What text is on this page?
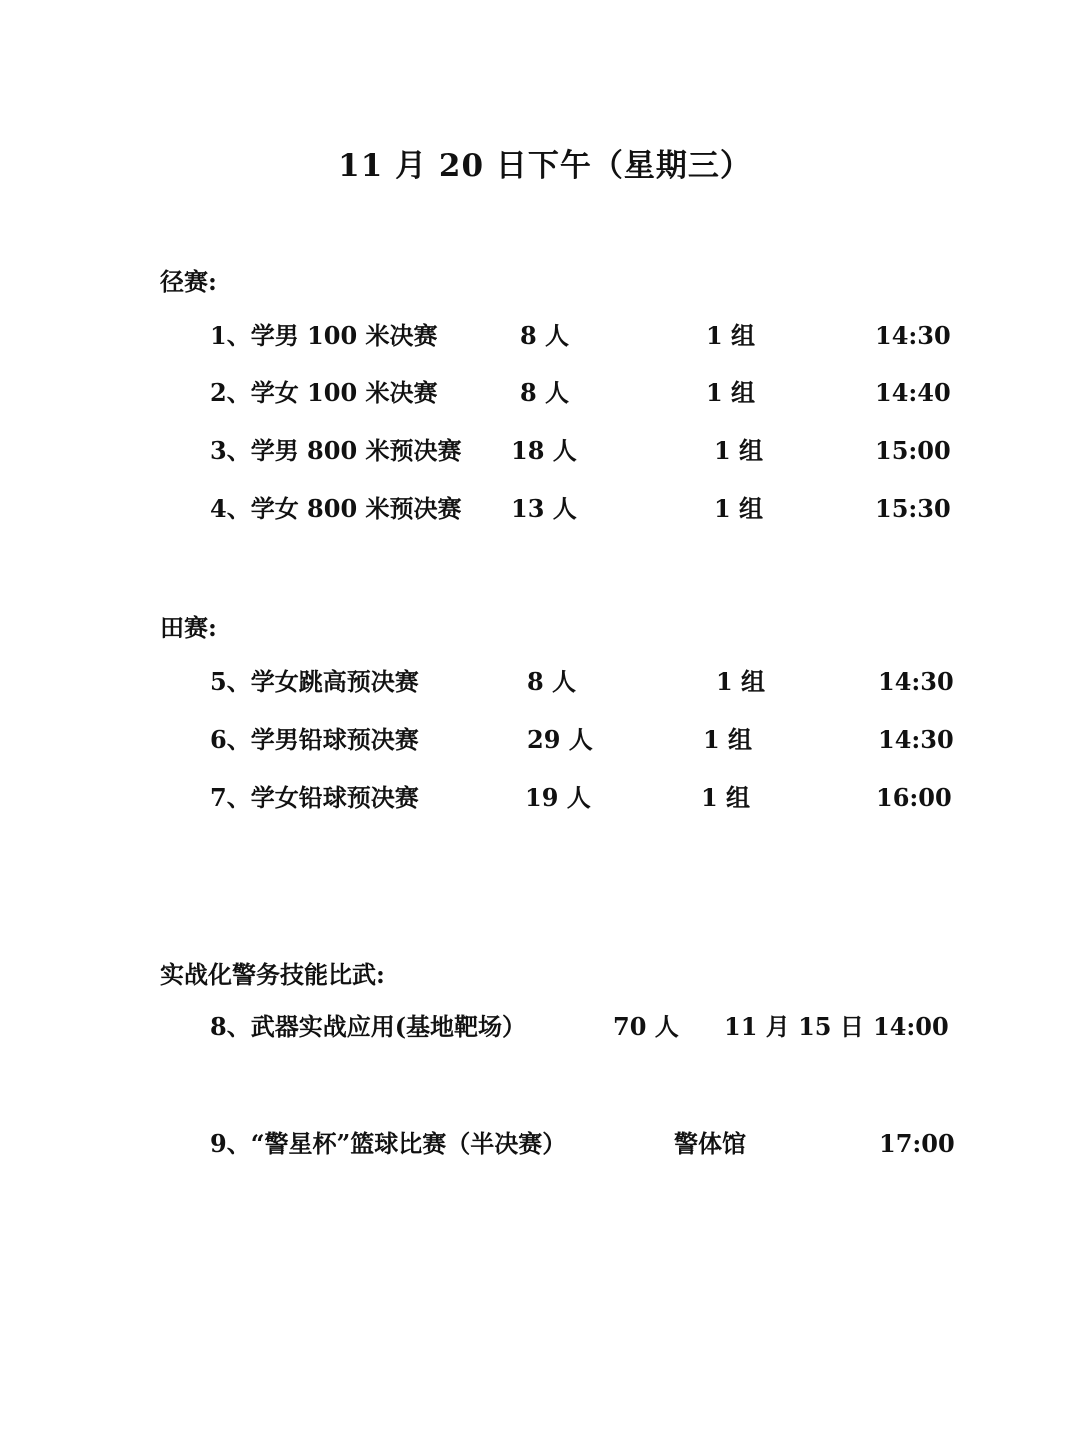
11 月 20 日下午（星期三）
径赛:
1、学男 100 米决赛	8 人	1 组	14:30
2、学女 100 米决赛	8 人	1 组	14:40
3、学男 800 米预决赛 18 人	1 组	15:00
4、学女 800 米预决赛 13 人	1 组	15:30
田赛:
5、学女跳高预决赛	8 人	1 组	14:30
6、学男铅球预决赛	29 人	1 组	14:30
7、学女铅球预决赛	19 人	1 组	16:00
实战化警务技能比武:
8、武器实战应用(基地靶场）	70 人 11 月 15 日 14:00
9、“警星杯”篮球比赛（半决赛）	警体馆	17:00
